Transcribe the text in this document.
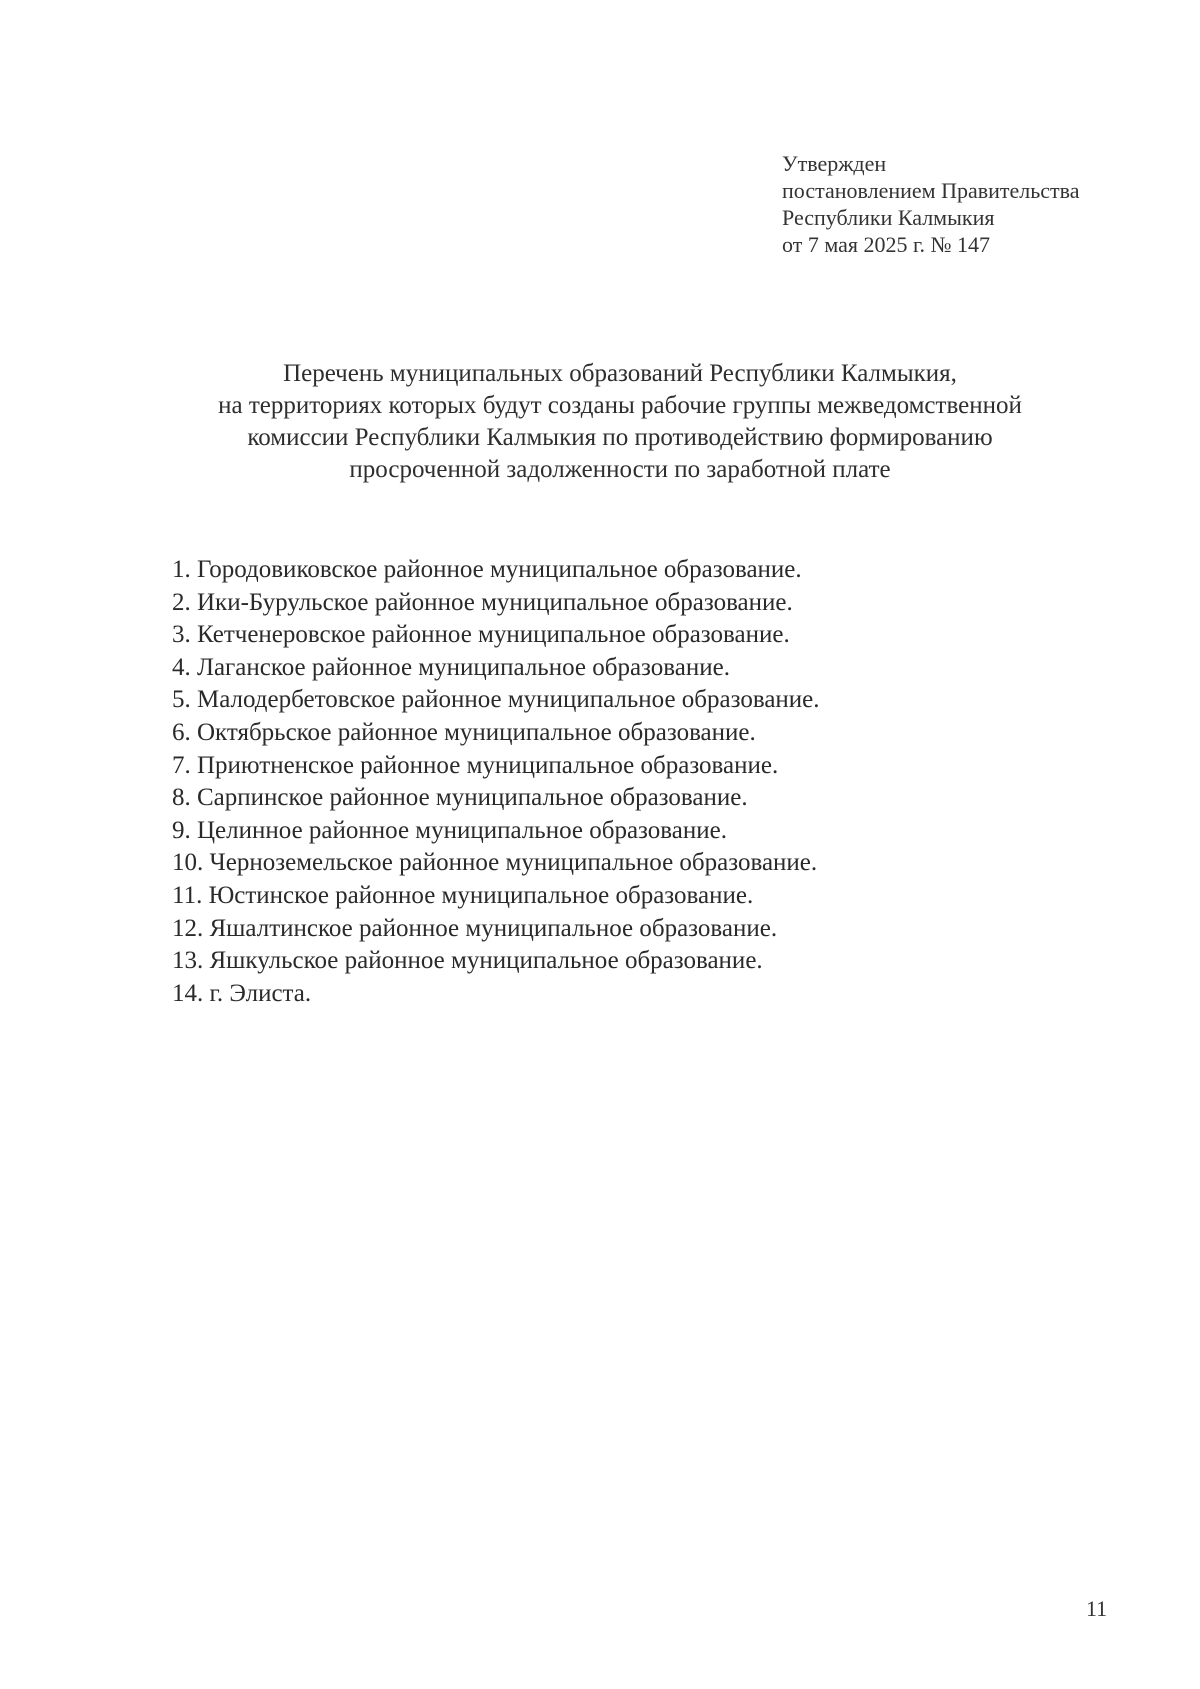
Утвержден
постановлением Правительства
Республики Калмыкия
от 7 мая 2025 г. № 147
Перечень муниципальных образований Республики Калмыкия,
на территориях которых будут созданы рабочие группы межведомственной
комиссии Республики Калмыкия по противодействию формированию
просроченной задолженности по заработной плате
1. Городовиковское районное муниципальное образование.
2. Ики-Бурульское районное муниципальное образование.
3. Кетченеровское районное муниципальное образование.
4. Лаганское районное муниципальное образование.
5. Малодербетовское районное муниципальное образование.
6. Октябрьское районное муниципальное образование.
7. Приютненское районное муниципальное образование.
8. Сарпинское районное муниципальное образование.
9. Целинное районное муниципальное образование.
10. Черноземельское районное муниципальное образование.
11. Юстинское районное муниципальное образование.
12. Яшалтинское районное муниципальное образование.
13. Яшкульское районное муниципальное образование.
14. г. Элиста.
11
